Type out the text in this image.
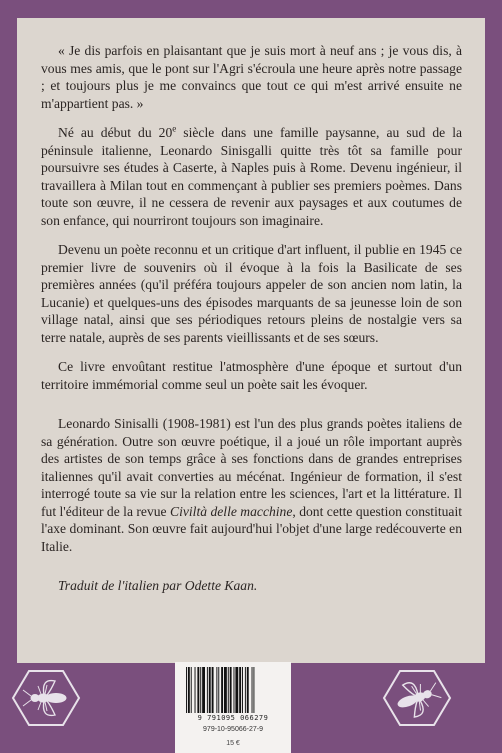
« Je dis parfois en plaisantant que je suis mort à neuf ans ; je vous dis, à vous mes amis, que le pont sur l'Agri s'écroula une heure après notre passage ; et toujours plus je me convaincs que tout ce qui m'est arrivé ensuite ne m'appartient pas. »

Né au début du 20e siècle dans une famille paysanne, au sud de la péninsule italienne, Leonardo Sinisgalli quitte très tôt sa famille pour poursuivre ses études à Caserte, à Naples puis à Rome. Devenu ingénieur, il travaillera à Milan tout en commençant à publier ses premiers poèmes. Dans toute son œuvre, il ne cessera de revenir aux paysages et aux coutumes de son enfance, qui nourriront toujours son imaginaire.

Devenu un poète reconnu et un critique d'art influent, il publie en 1945 ce premier livre de souvenirs où il évoque à la fois la Basilicate de ses premières années (qu'il préféra toujours appeler de son ancien nom latin, la Lucanie) et quelques-uns des épisodes marquants de sa jeunesse loin de son village natal, ainsi que ses périodiques retours pleins de nostalgie vers sa terre natale, auprès de ses parents vieillissants et de ses sœurs.

Ce livre envoûtant restitue l'atmosphère d'une époque et surtout d'un territoire immémorial comme seul un poète sait les évoquer.

Leonardo Sinisalli (1908-1981) est l'un des plus grands poètes italiens de sa génération. Outre son œuvre poétique, il a joué un rôle important auprès des artistes de son temps grâce à ses fonctions dans de grandes entreprises italiennes qu'il avait converties au mécénat. Ingénieur de formation, il s'est interrogé toute sa vie sur la relation entre les sciences, l'art et la littérature. Il fut l'éditeur de la revue Civiltà delle macchine, dont cette question constituait l'axe dominant. Son œuvre fait aujourd'hui l'objet d'une large redécouverte en Italie.

Traduit de l'italien par Odette Kaan.

9 791095 066279
979-10-95066-27-9
15 €
